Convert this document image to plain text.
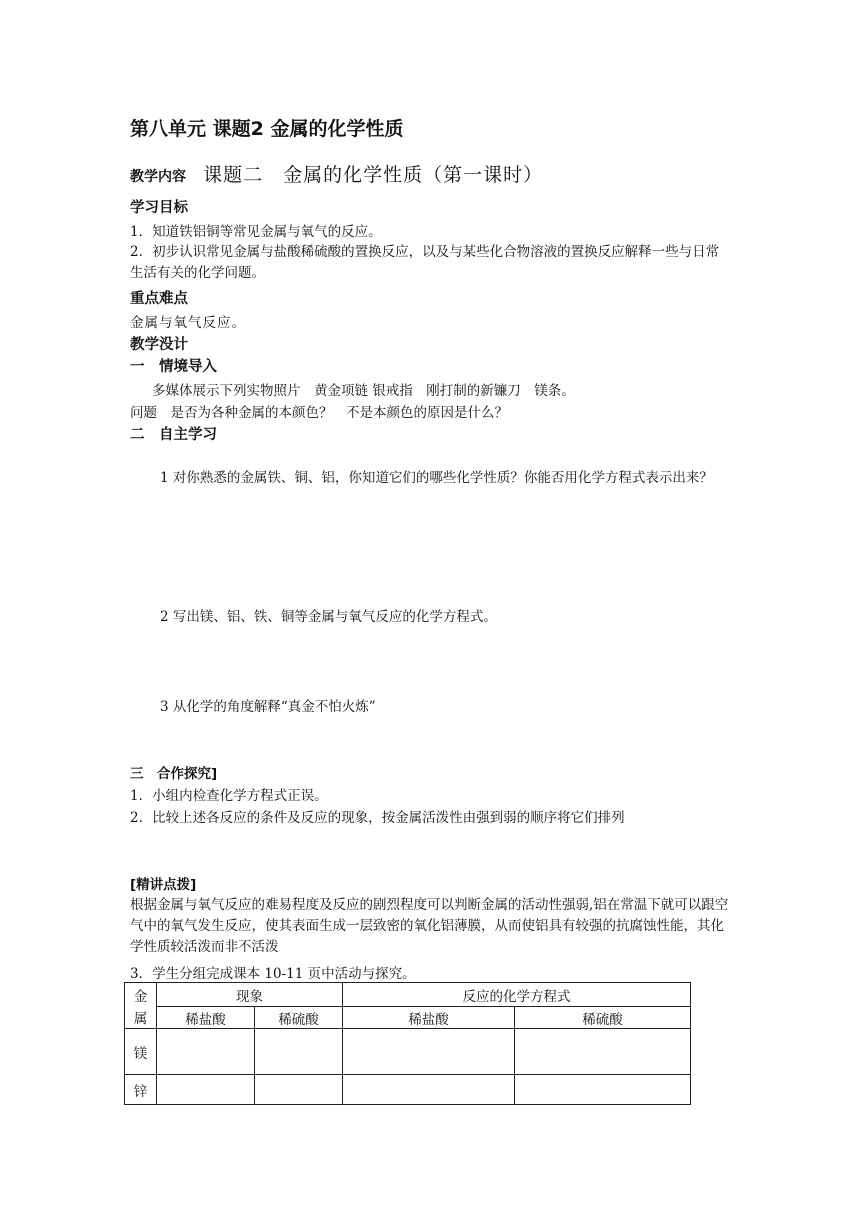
第八单元 课题2 金属的化学性质
教学内容 课题二　金属的化学性质（第一课时）
学习目标
1．知道铁铝铜等常见金属与氧气的反应。
2．初步认识常见金属与盐酸稀硫酸的置换反应，以及与某些化合物溶液的置换反应解释一些与日常生活有关的化学问题。
重点难点
金属与氧气反应。
教学没计
一　情境导入
多媒体展示下列实物照片　黄金项链 银戒指　刚打制的新镰刀　镁条。
问题　是否为各种金属的本颜色？　不是本颜色的原因是什么？
二　自主学习
1 对你熟悉的金属铁、铜、铝，你知道它们的哪些化学性质？你能否用化学方程式表示出来？
2 写出镁、铝、铁、铜等金属与氧气反应的化学方程式。
3 从化学的角度解释“真金不怕火炼”
三　合作探究]
1．小组内检查化学方程式正误。
2．比较上述各反应的条件及反应的现象，按金属活泼性由强到弱的顺序将它们排列
[精讲点拨]
根据金属与氧气反应的难易程度及反应的剧烈程度可以判断金属的活动性强弱,铝在常温下就可以跟空气中的氧气发生反应，使其表面生成一层致密的氧化铝薄膜，从而使铝具有较强的抗腐蚀性能，其化学性质较活泼而非不活泼
3．学生分组完成课本 10-11 页中活动与探究。
金	现象		反应的化学方程式	
属	稀盐酸	稀硫酸	稀盐酸	稀硫酸
镁				
锌				
